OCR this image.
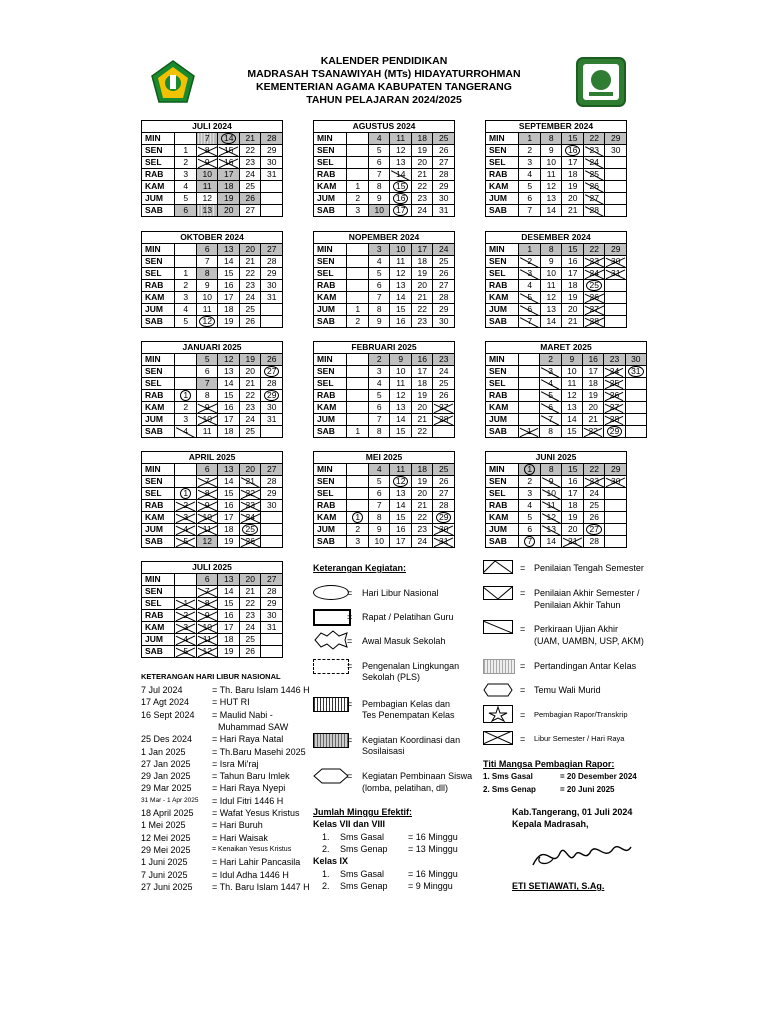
KALENDER PENDIDIKAN
MADRASAH TSANAWIYAH (MTs) HIDAYATURROHMAN
KEMENTERIAN AGAMA KABUPATEN TANGERANG
TAHUN PELAJARAN 2024/2025
JULI 2024					
MIN		7	14	21	28
SEN	1	8	15	22	29
SEL	2	9	16	23	30
RAB	3	10	17	24	31
KAM	4	11	18	25	
JUM	5	12	19	26	
SAB	6	13	20	27	
AGUSTUS 2024					
MIN		4	11	18	25
SEN		5	12	19	26
SEL		6	13	20	27
RAB		7	14	21	28
KAM	1	8	15	22	29
JUM	2	9	16	23	30
SAB	3	10	17	24	31
SEPTEMBER 2024					
MIN	1	8	15	22	29
SEN	2	9	16	23	30
SEL	3	10	17	24	

RAB	4	11	18	25	

KAM	5	12	19	26	

JUM	6	13	20	27	

SAB	7	14	21	28	

OKTOBER 2024					
MIN		6	13	20	27
SEN		7	14	21	28
SEL	1	8	15	22	29
RAB	2	9	16	23	30
KAM	3	10	17	24	31
JUM	4	11	18	25	
SAB	5	12	19	26	
NOPEMBER 2024					
MIN		3	10	17	24
SEN		4	11	18	25
SEL		5	12	19	26
RAB		6	13	20	27
KAM		7	14	21	28
JUM	1	8	15	22	29
SAB	2	9	16	23	30
DESEMBER 2024					
MIN	1	8	15	22	29
SEN	2	9	16	23	30

SEL	3	10	17	24	31

RAB	4	11	18	25	
KAM	5	12	19	26	

JUM	6	13	20	27	

SAB	7	14	21	28	

JANUARI 2025					
MIN		5	12	19	26
SEN		6	13	20	27
SEL		7	14	21	28
RAB	1	8	15	22	29
KAM	2	9	16	23	30
JUM	3	10	17	24	31
SAB	4	11	18	25	
FEBRUARI 2025					
MIN		2	9	16	23
SEN		3	10	17	24
SEL		4	11	18	25
RAB		5	12	19	26
KAM		6	13	20	27

JUM		7	14	21	28

SAB	1	8	15	22	
MARET 2025						
MIN		2	9	16	23	30
SEN		3	10	17	24	31
SEL		4	11	18	25	

RAB		5	12	19	26	

KAM		6	13	20	27	

JUM		7	14	21	28	

SAB	1	8	15	22	29	
APRIL 2025					
MIN		6	13	20	27
SEN		7	14	21	28
SEL	1	8	15	22	29
RAB	2	9	16	23	30
KAM	3	10	17	24	

JUM	4	11	18	25	
SAB	5	12	19	26	

MEI 2025					
MIN		4	11	18	25
SEN		5	12	19	26
SEL		6	13	20	27
RAB		7	14	21	28
KAM	1	8	15	22	29
JUM	2	9	16	23	30

SAB	3	10	17	24	31
JUNI 2025					
MIN	1	8	15	22	29
SEN	2	9	16	23	30

SEL	3	10	17	24	
RAB	4	11	18	25	
KAM	5	12	19	26	
JUM	6	13	20	27	
SAB	7	14	21	28	
JULI 2025					
MIN		6	13	20	27
SEN		7	14	21	28
SEL	1	8	15	22	29
RAB	2	9	16	23	30
KAM	3	10	17	24	31
JUM	4	11	18	25	
SAB	5	12	19	26	
Keterangan Kegiatan:
= Hari Libur Nasional
= Rapat / Pelatihan Guru
= Awal Masuk Sekolah
= Pengenalan Lingkungan
Sekolah (PLS)
= Pembagian Kelas dan
Tes Penempatan Kelas
= Kegiatan Koordinasi dan
Sosilaisasi
= Kegiatan Pembinaan Siswa
(lomba, pelatihan, dll)
= Penilaian Tengah Semester
= Penilaian Akhir Semester /
Penilaian Akhir Tahun
= Perkiraan Ujian Akhir
(UAM, UAMBN, USP, AKM)
= Pertandingan Antar Kelas
= Temu Wali Murid
= Pembagian Rapor/Transkrip
= Libur Semester / Hari Raya
KETERANGAN HARI LIBUR NASIONAL
7 Jul 2024	= Th. Baru Islam 1446 H
17 Agt 2024	= HUT RI
16 Sept 2024 = Maulid Nabi -
Muhammad SAW
25 Des 2024 = Hari Raya Natal
1 Jan 2025	= Th.Baru Masehi 2025
27 Jan 2025 = Isra Mi'raj
29 Jan 2025 = Tahun Baru Imlek
29 Mar 2025 = Hari Raya Nyepi
31 Mar - 1 Apr 2025 = Idul Fitri 1446 H
18 April 2025 = Wafat Yesus Kristus
1 Mei 2025	= Hari Buruh
12 Mei 2025 = Hari Waisak
29 Mei 2025	= Kenaikan Yesus Kristus
1 Juni 2025	= Hari Lahir Pancasila
7 Juni 2025	= Idul Adha 1446 H
27 Juni 2025 = Th. Baru Islam 1447 H
Jumlah Minggu Efektif:
Kelas VII dan VIII
1. Sms Gasal	= 16 Minggu
2. Sms Genap = 13 Minggu
Kelas IX
1. Sms Gasal	= 16 Minggu
2. Sms Genap = 9 Minggu
Titi Mangsa Pembagian Rapor:
1. Sms Gasal	= 20 Desember 2024
2. Sms Genap	= 20 Juni 2025
Kab.Tangerang, 01 Juli 2024
Kepala Madrasah,
ETI SETIAWATI, S.Ag.
